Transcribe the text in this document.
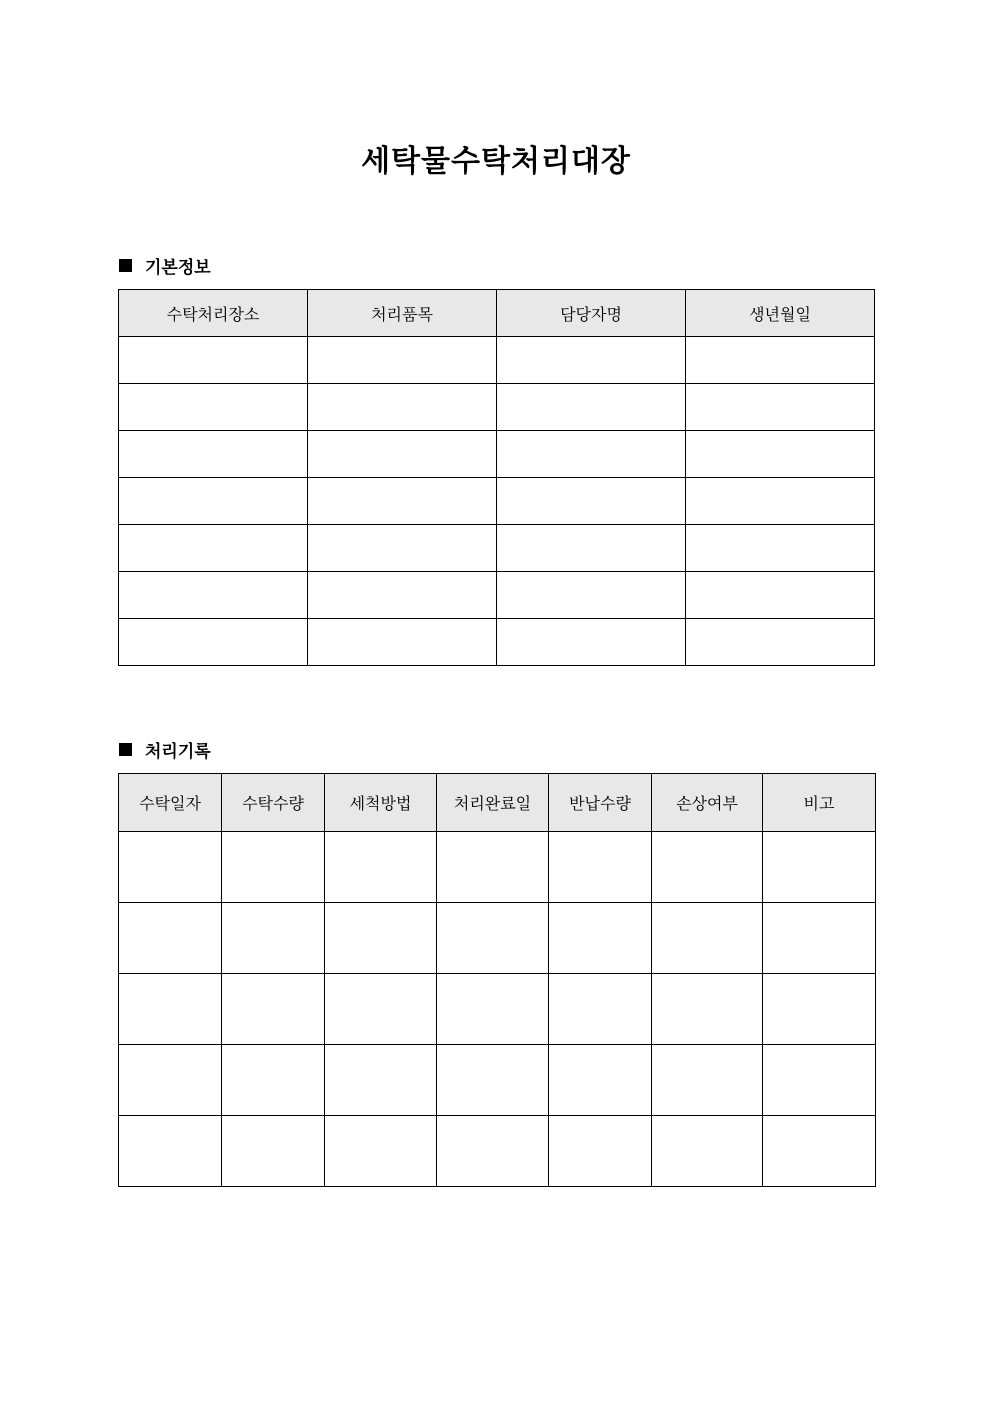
세탁물수탁처리대장
기본정보
수탁처리장소	처리품목	담당자명	생년월일

처리기록
수탁일자	수탁수량	세척방법	처리완료일	반납수량	손상여부	비고
